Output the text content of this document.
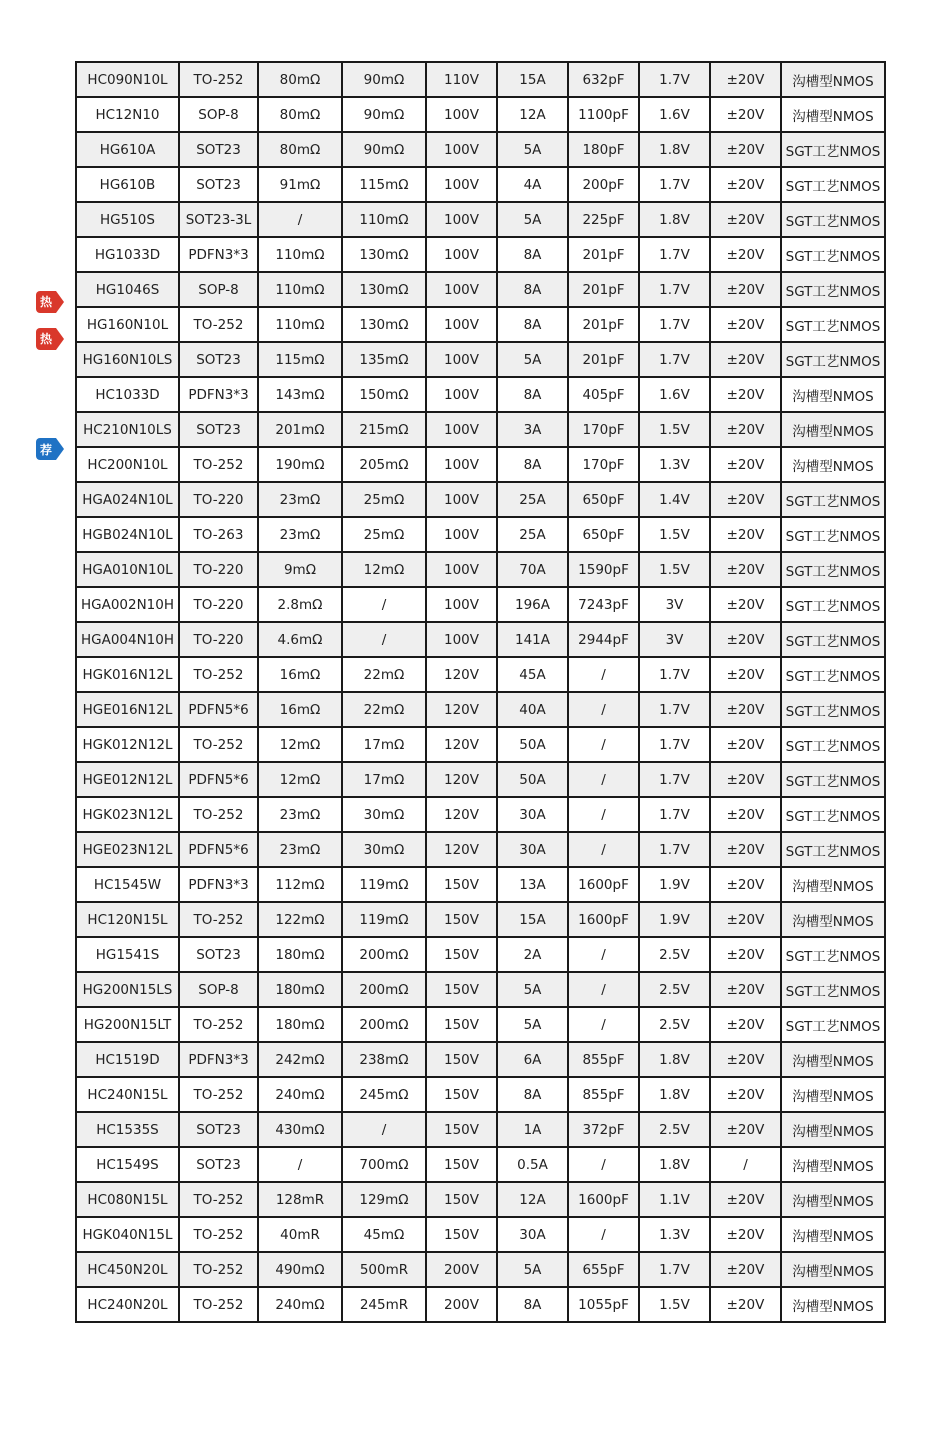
热
热
荐
HC090N10L	TO-252	80mΩ	90mΩ	110V	15A	632pF	1.7V	±20V	沟槽型NMOS
HC12N10	SOP-8	80mΩ	90mΩ	100V	12A	1100pF	1.6V	±20V	沟槽型NMOS
HG610A	SOT23	80mΩ	90mΩ	100V	5A	180pF	1.8V	±20V	SGT工艺NMOS
HG610B	SOT23	91mΩ	115mΩ	100V	4A	200pF	1.7V	±20V	SGT工艺NMOS
HG510S	SOT23-3L	/	110mΩ	100V	5A	225pF	1.8V	±20V	SGT工艺NMOS
HG1033D	PDFN3*3	110mΩ	130mΩ	100V	8A	201pF	1.7V	±20V	SGT工艺NMOS
HG1046S	SOP-8	110mΩ	130mΩ	100V	8A	201pF	1.7V	±20V	SGT工艺NMOS
HG160N10L	TO-252	110mΩ	130mΩ	100V	8A	201pF	1.7V	±20V	SGT工艺NMOS
HG160N10LS	SOT23	115mΩ	135mΩ	100V	5A	201pF	1.7V	±20V	SGT工艺NMOS
HC1033D	PDFN3*3	143mΩ	150mΩ	100V	8A	405pF	1.6V	±20V	沟槽型NMOS
HC210N10LS	SOT23	201mΩ	215mΩ	100V	3A	170pF	1.5V	±20V	沟槽型NMOS
HC200N10L	TO-252	190mΩ	205mΩ	100V	8A	170pF	1.3V	±20V	沟槽型NMOS
HGA024N10L	TO-220	23mΩ	25mΩ	100V	25A	650pF	1.4V	±20V	SGT工艺NMOS
HGB024N10L	TO-263	23mΩ	25mΩ	100V	25A	650pF	1.5V	±20V	SGT工艺NMOS
HGA010N10L	TO-220	9mΩ	12mΩ	100V	70A	1590pF	1.5V	±20V	SGT工艺NMOS
HGA002N10H	TO-220	2.8mΩ	/	100V	196A	7243pF	3V	±20V	SGT工艺NMOS
HGA004N10H	TO-220	4.6mΩ	/	100V	141A	2944pF	3V	±20V	SGT工艺NMOS
HGK016N12L	TO-252	16mΩ	22mΩ	120V	45A	/	1.7V	±20V	SGT工艺NMOS
HGE016N12L	PDFN5*6	16mΩ	22mΩ	120V	40A	/	1.7V	±20V	SGT工艺NMOS
HGK012N12L	TO-252	12mΩ	17mΩ	120V	50A	/	1.7V	±20V	SGT工艺NMOS
HGE012N12L	PDFN5*6	12mΩ	17mΩ	120V	50A	/	1.7V	±20V	SGT工艺NMOS
HGK023N12L	TO-252	23mΩ	30mΩ	120V	30A	/	1.7V	±20V	SGT工艺NMOS
HGE023N12L	PDFN5*6	23mΩ	30mΩ	120V	30A	/	1.7V	±20V	SGT工艺NMOS
HC1545W	PDFN3*3	112mΩ	119mΩ	150V	13A	1600pF	1.9V	±20V	沟槽型NMOS
HC120N15L	TO-252	122mΩ	119mΩ	150V	15A	1600pF	1.9V	±20V	沟槽型NMOS
HG1541S	SOT23	180mΩ	200mΩ	150V	2A	/	2.5V	±20V	SGT工艺NMOS
HG200N15LS	SOP-8	180mΩ	200mΩ	150V	5A	/	2.5V	±20V	SGT工艺NMOS
HG200N15LT	TO-252	180mΩ	200mΩ	150V	5A	/	2.5V	±20V	SGT工艺NMOS
HC1519D	PDFN3*3	242mΩ	238mΩ	150V	6A	855pF	1.8V	±20V	沟槽型NMOS
HC240N15L	TO-252	240mΩ	245mΩ	150V	8A	855pF	1.8V	±20V	沟槽型NMOS
HC1535S	SOT23	430mΩ	/	150V	1A	372pF	2.5V	±20V	沟槽型NMOS
HC1549S	SOT23	/	700mΩ	150V	0.5A	/	1.8V	/	沟槽型NMOS
HC080N15L	TO-252	128mR	129mΩ	150V	12A	1600pF	1.1V	±20V	沟槽型NMOS
HGK040N15L	TO-252	40mR	45mΩ	150V	30A	/	1.3V	±20V	沟槽型NMOS
HC450N20L	TO-252	490mΩ	500mR	200V	5A	655pF	1.7V	±20V	沟槽型NMOS
HC240N20L	TO-252	240mΩ	245mR	200V	8A	1055pF	1.5V	±20V	沟槽型NMOS
